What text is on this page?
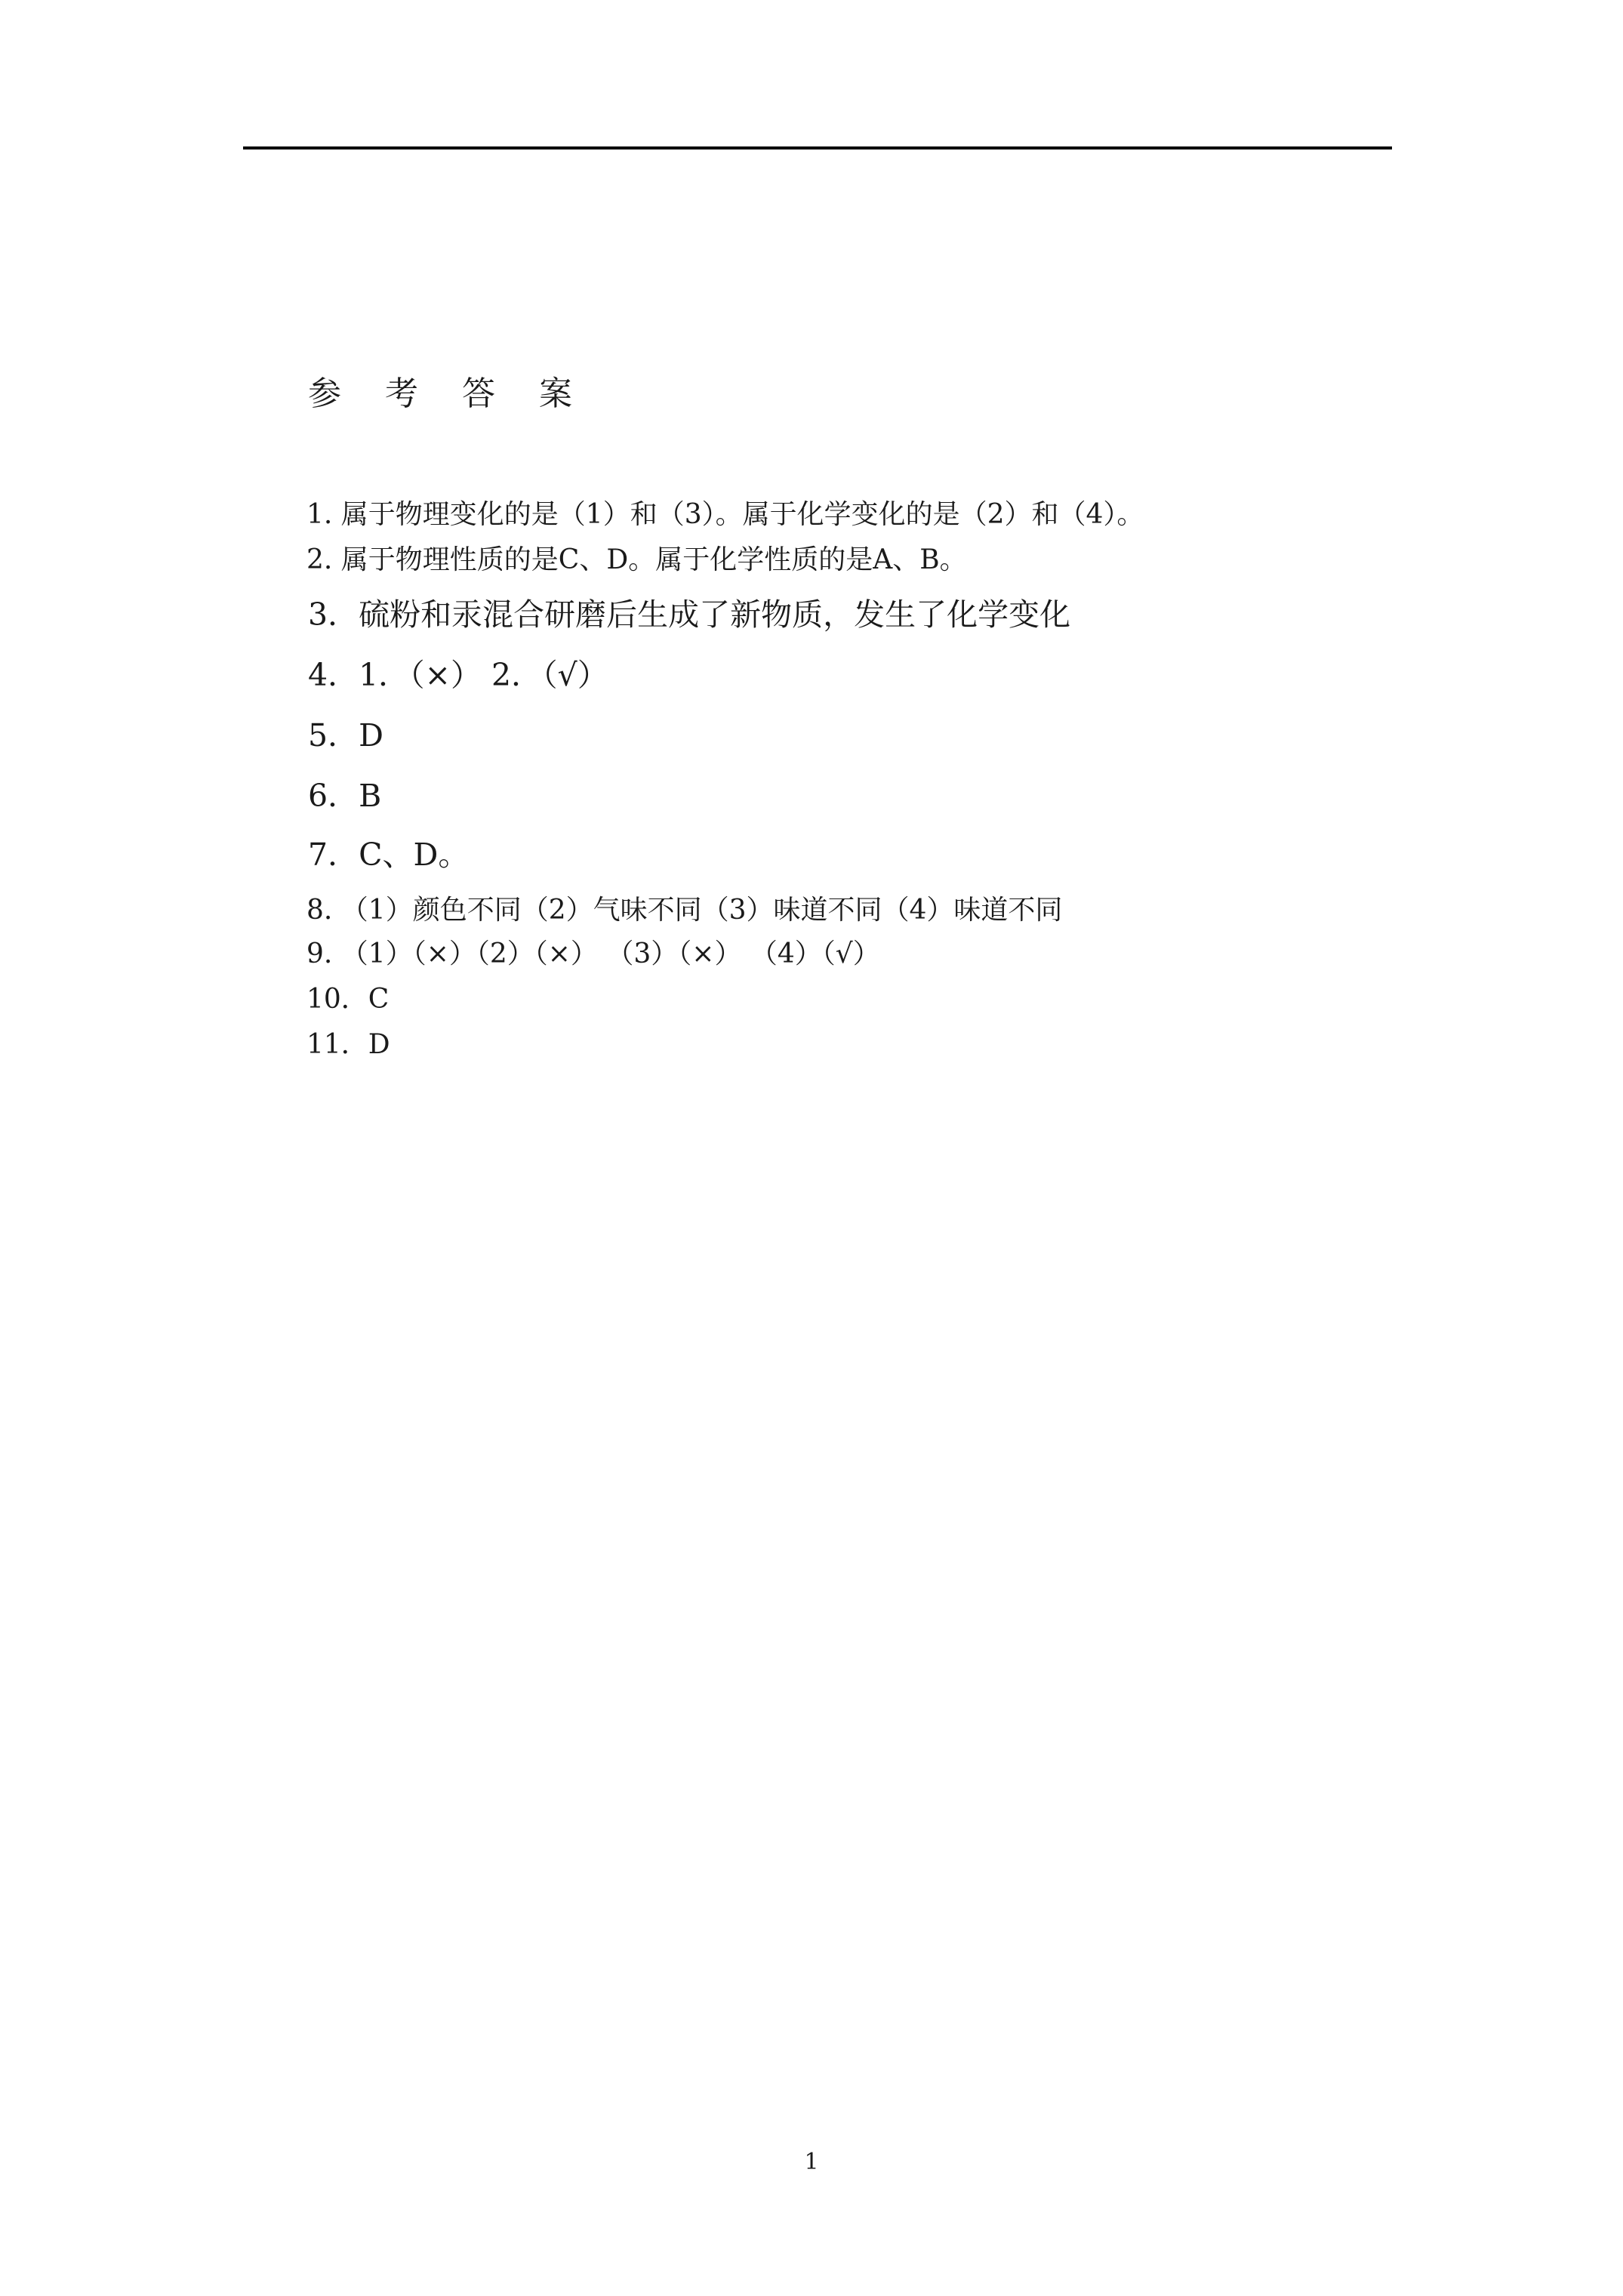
参 考 答 案
1. 属于物理变化的是（1）和（3）。属于化学变化的是（2）和（4）。
2. 属于物理性质的是C、D。属于化学性质的是A、B。
3．硫粉和汞混合研磨后生成了新物质，发生了化学变化
4．1．（×） 2．（√）
5．D
6．B
7．C、D。
8. （1）颜色不同（2）气味不同（3）味道不同（4）味道不同
9. （1）（×）（2）（×） （3）（×） （4）（√）
10．C
11．D
1
